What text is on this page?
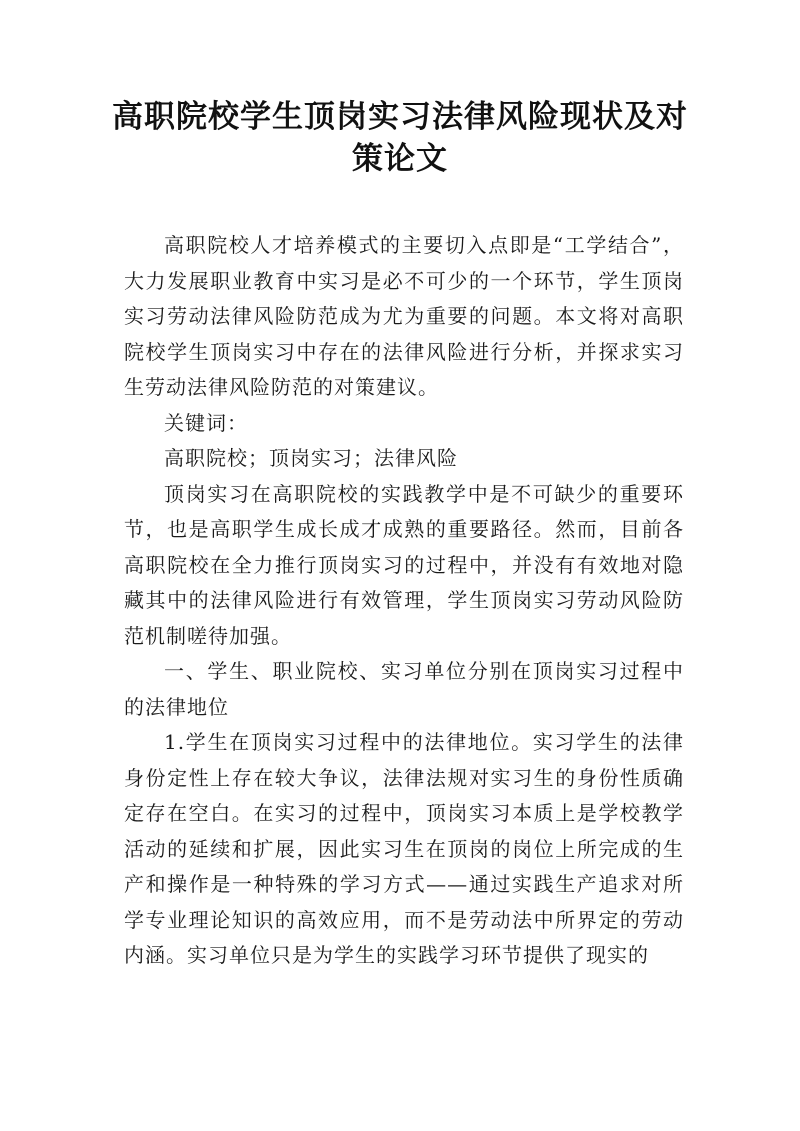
高职院校学生顶岗实习法律风险现状及对
策论文

高职院校人才培养模式的主要切入点即是“工学结合”，大力发展职业教育中实习是必不可少的一个环节，学生顶岗实习劳动法律风险防范成为尤为重要的问题。本文将对高职院校学生顶岗实习中存在的法律风险进行分析，并探求实习生劳动法律风险防范的对策建议。

关键词：

高职院校；顶岗实习；法律风险

顶岗实习在高职院校的实践教学中是不可缺少的重要环节，也是高职学生成长成才成熟的重要路径。然而，目前各高职院校在全力推行顶岗实习的过程中，并没有有效地对隐藏其中的法律风险进行有效管理，学生顶岗实习劳动风险防范机制嗟待加强。

一、学生、职业院校、实习单位分别在顶岗实习过程中的法律地位

1.学生在顶岗实习过程中的法律地位。实习学生的法律身份定性上存在较大争议，法律法规对实习生的身份性质确定存在空白。在实习的过程中，顶岗实习本质上是学校教学活动的延续和扩展，因此实习生在顶岗的岗位上所完成的生产和操作是一种特殊的学习方式——通过实践生产追求对所学专业理论知识的高效应用，而不是劳动法中所界定的劳动内涵。实习单位只是为学生的实践学习环节提供了现实的
